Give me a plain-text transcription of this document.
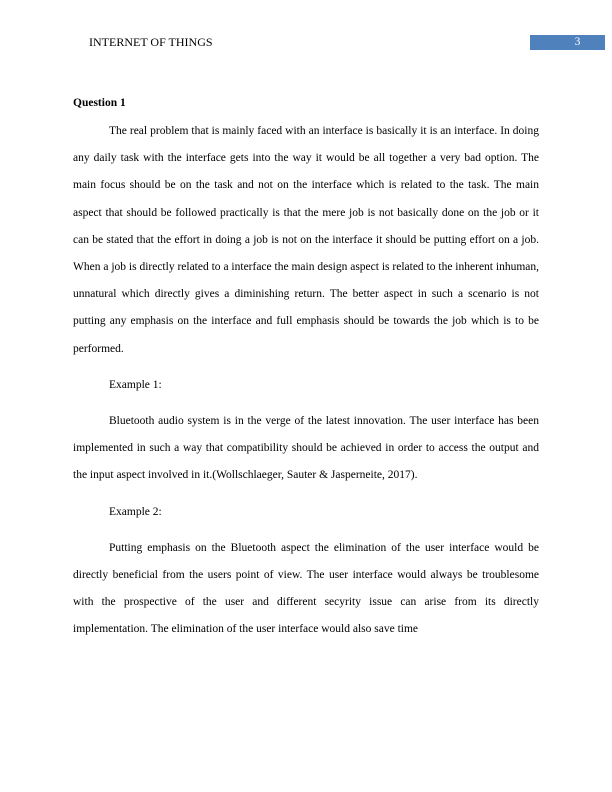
INTERNET OF THINGS	3

Question 1

The real problem that is mainly faced with an interface is basically it is an interface. In doing any daily task with the interface gets into the way it would be all together a very bad option. The main focus should be on the task and not on the interface which is related to the task. The main aspect that should be followed practically is that the mere job is not basically done on the job or it can be stated that the effort in doing a job is not on the interface it should be putting effort on a job. When a job is directly related to a interface the main design aspect is related to the inherent inhuman, unnatural which directly gives a diminishing return. The better aspect in such a scenario is not putting any emphasis on the interface and full emphasis should be towards the job which is to be performed.

Example 1:

Bluetooth audio system is in the verge of the latest innovation. The user interface has been implemented in such a way that compatibility should be achieved in order to access the output and the input aspect involved in it.(Wollschlaeger, Sauter & Jasperneite, 2017).

Example 2:

Putting emphasis on the Bluetooth aspect the elimination of the user interface would be directly beneficial from the users point of view. The user interface would always be troublesome with the prospective of the user and different secyrity issue can arise from its directly implementation. The elimination of the user interface would also save time
